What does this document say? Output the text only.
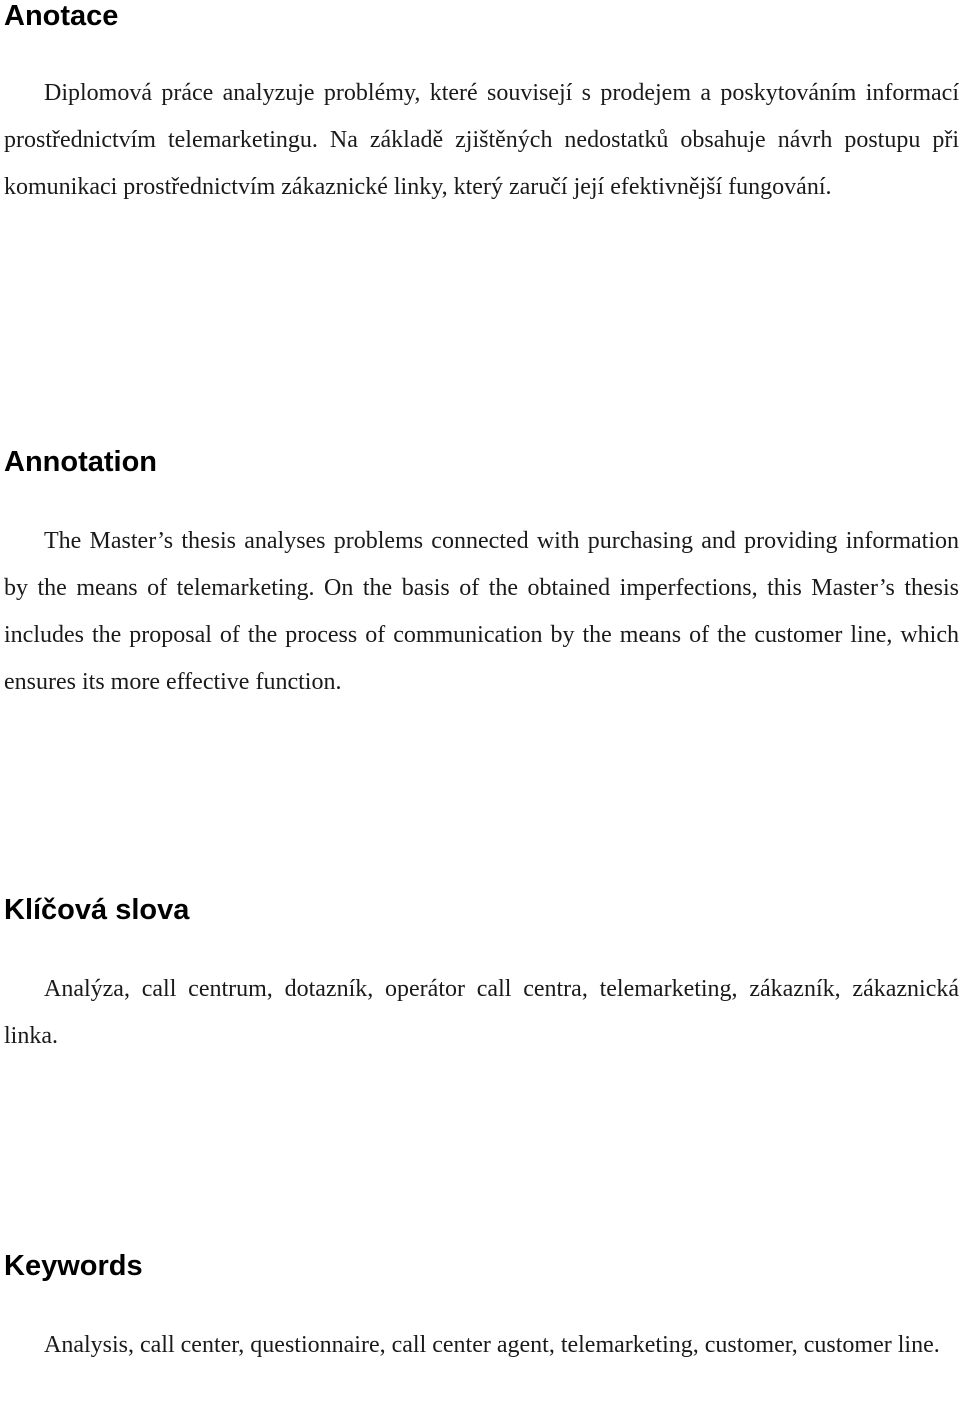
Anotace

Diplomová práce analyzuje problémy, které souvisejí s prodejem a poskytováním informací prostřednictvím telemarketingu. Na základě zjištěných nedostatků obsahuje návrh postupu při komunikaci prostřednictvím zákaznické linky, který zaručí její efektivnější fungování.

Annotation

The Master’s thesis analyses problems connected with purchasing and providing information by the means of telemarketing. On the basis of the obtained imperfections, this Master’s thesis includes the proposal of the process of communication by the means of the customer line, which ensures its more effective function.

Klíčová slova

Analýza, call centrum, dotazník, operátor call centra, telemarketing, zákazník, zákaznická linka.

Keywords

Analysis, call center, questionnaire, call center agent, telemarketing, customer, customer line.
